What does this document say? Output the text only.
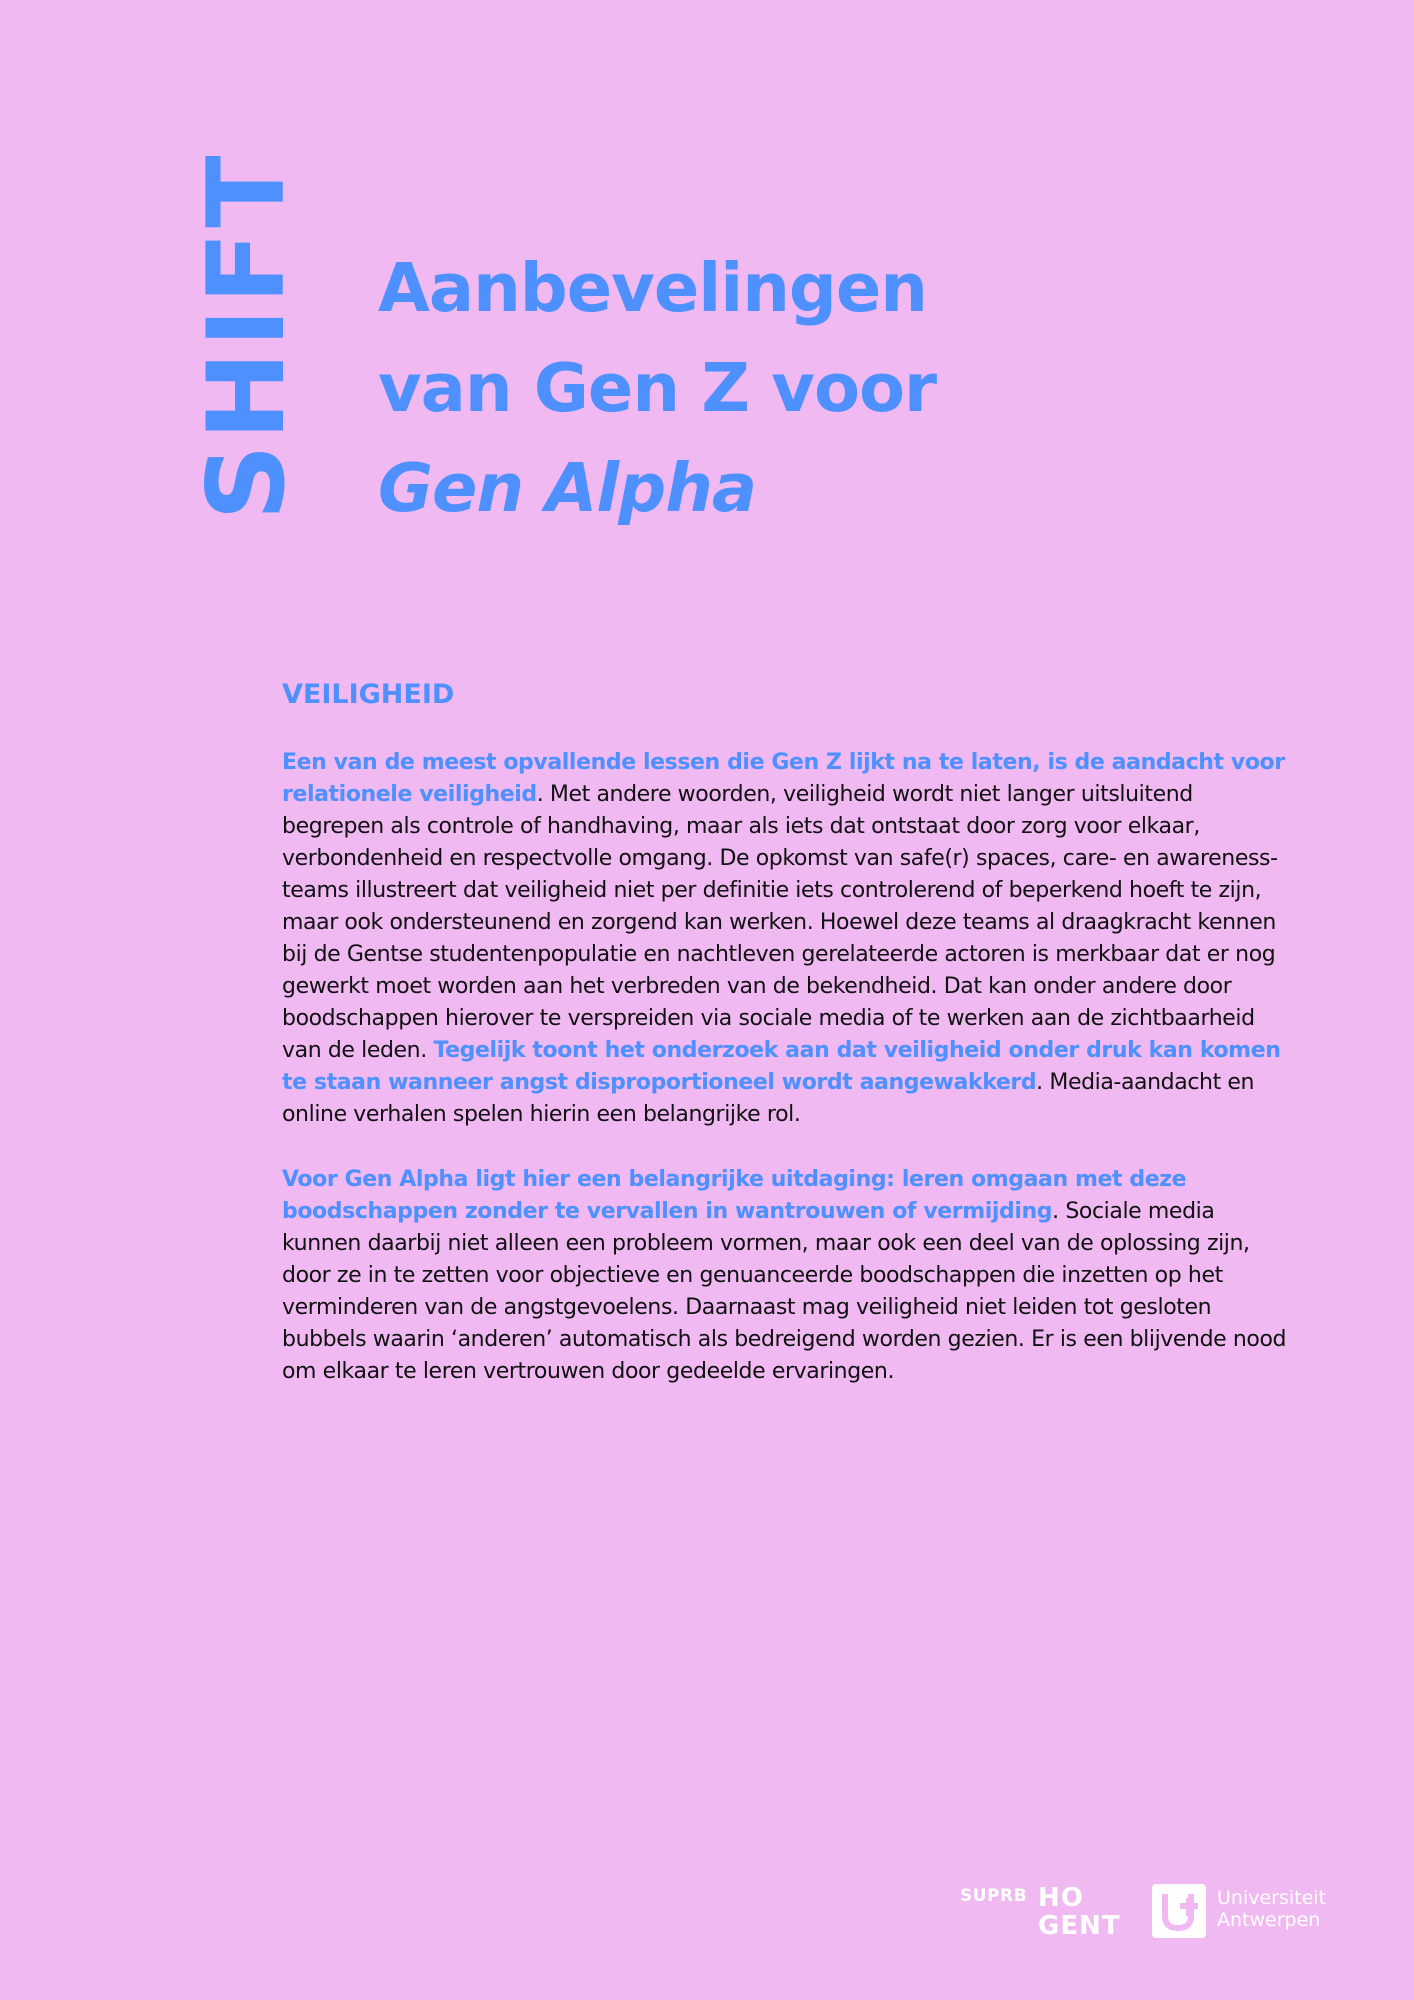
SHIFT Aanbevelingen
van Gen Z voor
Gen Alpha
VEILIGHEID

Een van de meest opvallende lessen die Gen Z lijkt na te laten, is de aandacht voor relationele veiligheid. Met andere woorden, veiligheid wordt niet langer uitsluitend begrepen als controle of handhaving, maar als iets dat ontstaat door zorg voor elkaar, verbondenheid en respectvolle omgang. De opkomst van safe(r) spaces, care- en awareness-teams illustreert dat veiligheid niet per definitie iets controlerend of beperkend hoeft te zijn, maar ook ondersteunend en zorgend kan werken. Hoewel deze teams al draagkracht kennen bij de Gentse studentenpopulatie en nachtleven gerelateerde actoren is merkbaar dat er nog gewerkt moet worden aan het verbreden van de bekendheid. Dat kan onder andere door boodschappen hierover te verspreiden via sociale media of te werken aan de zichtbaarheid van de leden. Tegelijk toont het onderzoek aan dat veiligheid onder druk kan komen te staan wanneer angst disproportioneel wordt aangewakkerd. Media-aandacht en online verhalen spelen hierin een belangrijke rol.

Voor Gen Alpha ligt hier een belangrijke uitdaging: leren omgaan met deze boodschappen zonder te vervallen in wantrouwen of vermijding. Sociale media kunnen daarbij niet alleen een probleem vormen, maar ook een deel van de oplossing zijn, door ze in te zetten voor objectieve en genuanceerde boodschappen die inzetten op het verminderen van de angstgevoelens. Daarnaast mag veiligheid niet leiden tot gesloten bubbels waarin ‘anderen’ automatisch als bedreigend worden gezien. Er is een blijvende nood om elkaar te leren vertrouwen door gedeelde ervaringen.

SUPRB HO
GENT
Universiteit
Antwerpen
